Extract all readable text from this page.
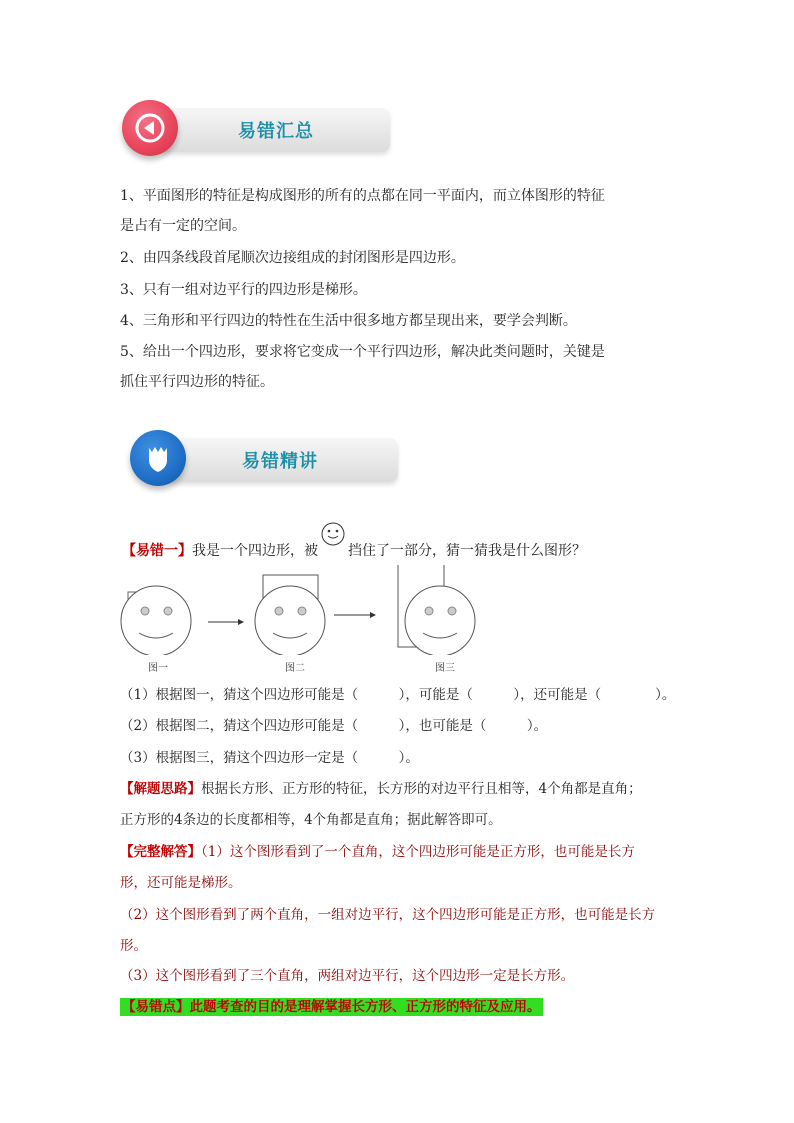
易错汇总
1、平面图形的特征是构成图形的所有的点都在同一平面内，而立体图形的特征
是占有一定的空间。
2、由四条线段首尾顺次边接组成的封闭图形是四边形。
3、只有一组对边平行的四边形是梯形。
4、三角形和平行四边的特性在生活中很多地方都呈现出来，要学会判断。
5、给出一个四边形，要求将它变成一个平行四边形，解决此类问题时，关键是
抓住平行四边形的特征。
易错精讲
【易错一】我是一个四边形，被 挡住了一部分，猜一猜我是什么图形？
图一	图二	图三
（1）根据图一，猜这个四边形可能是（　　　），可能是（　　　），还可能是（　　　　）。
（2）根据图二，猜这个四边形可能是（　　　），也可能是（　　　）。
（3）根据图三，猜这个四边形一定是（　　　）。
【解题思路】根据长方形、正方形的特征，长方形的对边平行且相等，4个角都是直角；
正方形的4条边的长度都相等，4个角都是直角；据此解答即可。
【完整解答】（1）这个图形看到了一个直角，这个四边形可能是正方形，也可能是长方
形，还可能是梯形。
（2）这个图形看到了两个直角，一组对边平行，这个四边形可能是正方形，也可能是长方
形。
（3）这个图形看到了三个直角，两组对边平行，这个四边形一定是长方形。
【易错点】此题考查的目的是理解掌握长方形、正方形的特征及应用。
